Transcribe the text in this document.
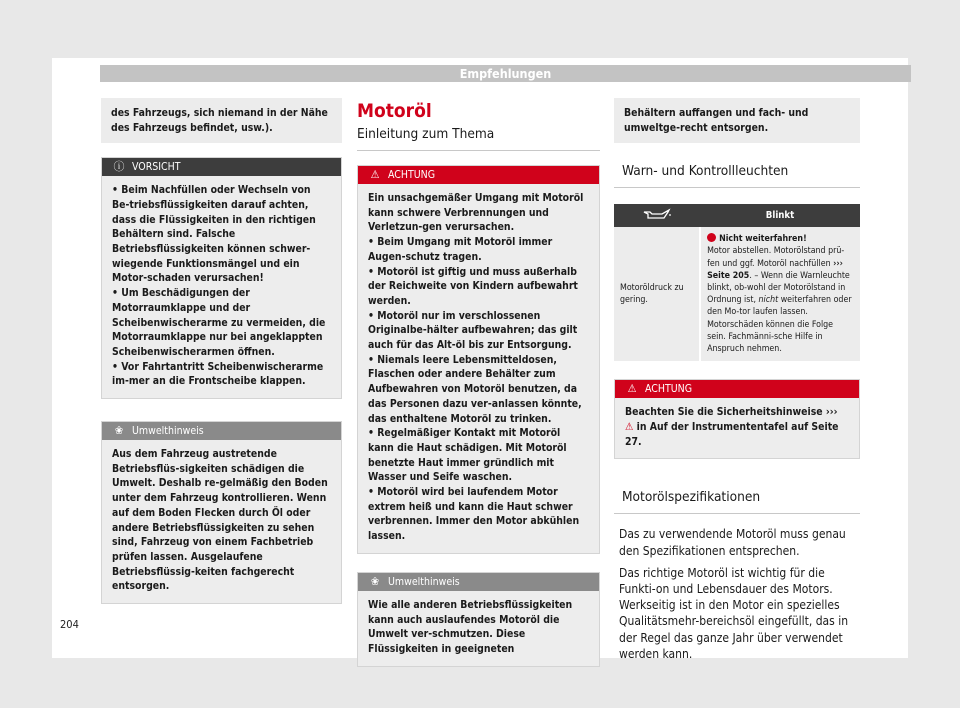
Empfehlungen
des Fahrzeugs, sich niemand in der Nähe des Fahrzeugs befindet, usw.).
ⓘ VORSICHT
• Beim Nachfüllen oder Wechseln von Be-triebsflüssigkeiten darauf achten, dass die Flüssigkeiten in den richtigen Behältern sind. Falsche Betriebsflüssigkeiten können schwer-wiegende Funktionsmängel und ein Motor-schaden verursachen!
• Um Beschädigungen der Motorraumklappe und der Scheibenwischerarme zu vermeiden, die Motorraumklappe nur bei angeklappten Scheibenwischerarmen öffnen.
• Vor Fahrtantritt Scheibenwischerarme im-mer an die Frontscheibe klappen.
❀ Umwelthinweis
Aus dem Fahrzeug austretende Betriebsflüs-sigkeiten schädigen die Umwelt. Deshalb re-gelmäßig den Boden unter dem Fahrzeug kontrollieren. Wenn auf dem Boden Flecken durch Öl oder andere Betriebsflüssigkeiten zu sehen sind, Fahrzeug von einem Fachbetrieb prüfen lassen. Ausgelaufene Betriebsflüssig-keiten fachgerecht entsorgen.
Motoröl
Einleitung zum Thema
⚠ ACHTUNG

Ein unsachgemäßer Umgang mit Motoröl kann schwere Verbrennungen und Verletzun-gen verursachen.

• Beim Umgang mit Motoröl immer Augen-schutz tragen.
• Motoröl ist giftig und muss außerhalb der Reichweite von Kindern aufbewahrt werden.
• Motoröl nur im verschlossenen Originalbe-hälter aufbewahren; das gilt auch für das Alt-öl bis zur Entsorgung.
• Niemals leere Lebensmitteldosen, Flaschen oder andere Behälter zum Aufbewahren von Motoröl benutzen, da das Personen dazu ver-anlassen könnte, das enthaltene Motoröl zu trinken.
• Regelmäßiger Kontakt mit Motoröl kann die Haut schädigen. Mit Motoröl benetzte Haut immer gründlich mit Wasser und Seife waschen.
• Motoröl wird bei laufendem Motor extrem heiß und kann die Haut schwer verbrennen. Immer den Motor abkühlen lassen.
❀ Umwelthinweis
Wie alle anderen Betriebsflüssigkeiten kann auch auslaufendes Motoröl die Umwelt ver-schmutzen. Diese Flüssigkeiten in geeigneten
Behältern auffangen und fach- und umweltge-recht entsorgen.
Warn- und Kontrollleuchten
	Blinkt
Motoröldruck zu gering.	Nicht weiterfahren!
Motor abstellen. Motorölstand prü-fen und ggf. Motoröl nachfüllen ››› Seite 205. – Wenn die Warnleuchte blinkt, ob-wohl der Motorölstand in Ordnung ist, nicht weiterfahren oder den Mo-tor laufen lassen. Motorschäden können die Folge sein. Fachmänni-sche Hilfe in Anspruch nehmen.
⚠ ACHTUNG
Beachten Sie die Sicherheitshinweise ››› ⚠ in Auf der Instrumententafel auf Seite 27.
Motorölspezifikationen

Das zu verwendende Motoröl muss genau den Spezifikationen entsprechen.

Das richtige Motoröl ist wichtig für die Funkti-on und Lebensdauer des Motors. Werkseitig ist in den Motor ein spezielles Qualitätsmehr-bereichsöl eingefüllt, das in der Regel das ganze Jahr über verwendet werden kann.

204
